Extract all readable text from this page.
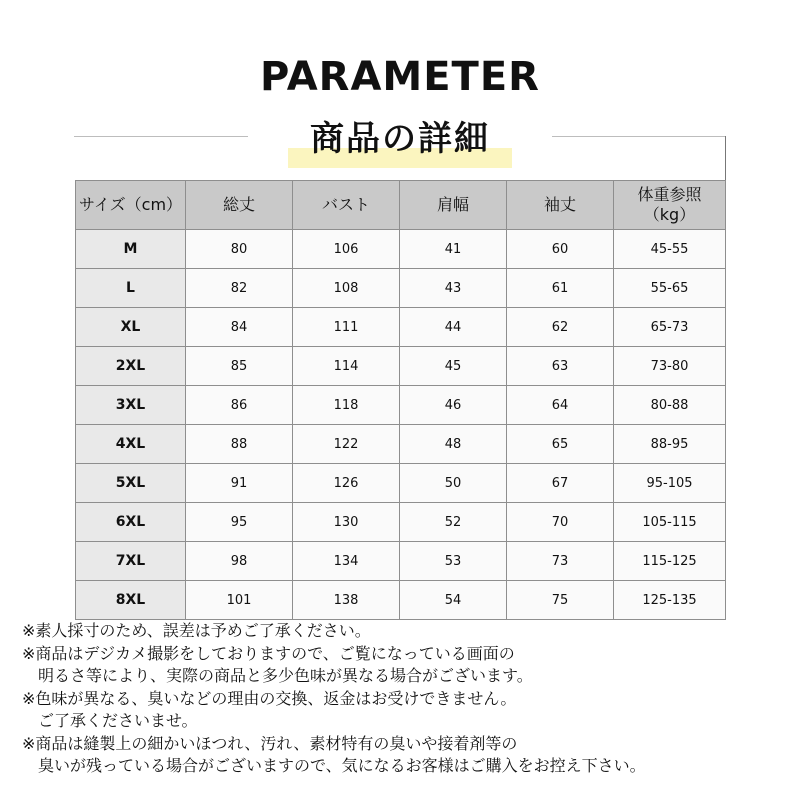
PARAMETER
商品の詳細
サイズ（cm）	総丈	バスト	肩幅	袖丈	体重参照
（kg）
M	80	106	41	60	45-55
L	82	108	43	61	55-65
XL	84	111	44	62	65-73
2XL	85	114	45	63	73-80
3XL	86	118	46	64	80-88
4XL	88	122	48	65	88-95
5XL	91	126	50	67	95-105
6XL	95	130	52	70	105-115
7XL	98	134	53	73	115-125
8XL	101	138	54	75	125-135
※素人採寸のため、誤差は予めご了承ください。
※商品はデジカメ撮影をしておりますので、ご覧になっている画面の
　明るさ等により、実際の商品と多少色味が異なる場合がございます。
※色味が異なる、臭いなどの理由の交換、返金はお受けできません。
　ご了承くださいませ。
※商品は縫製上の細かいほつれ、汚れ、素材特有の臭いや接着剤等の
　臭いが残っている場合がございますので、気になるお客様はご購入をお控え下さい。
